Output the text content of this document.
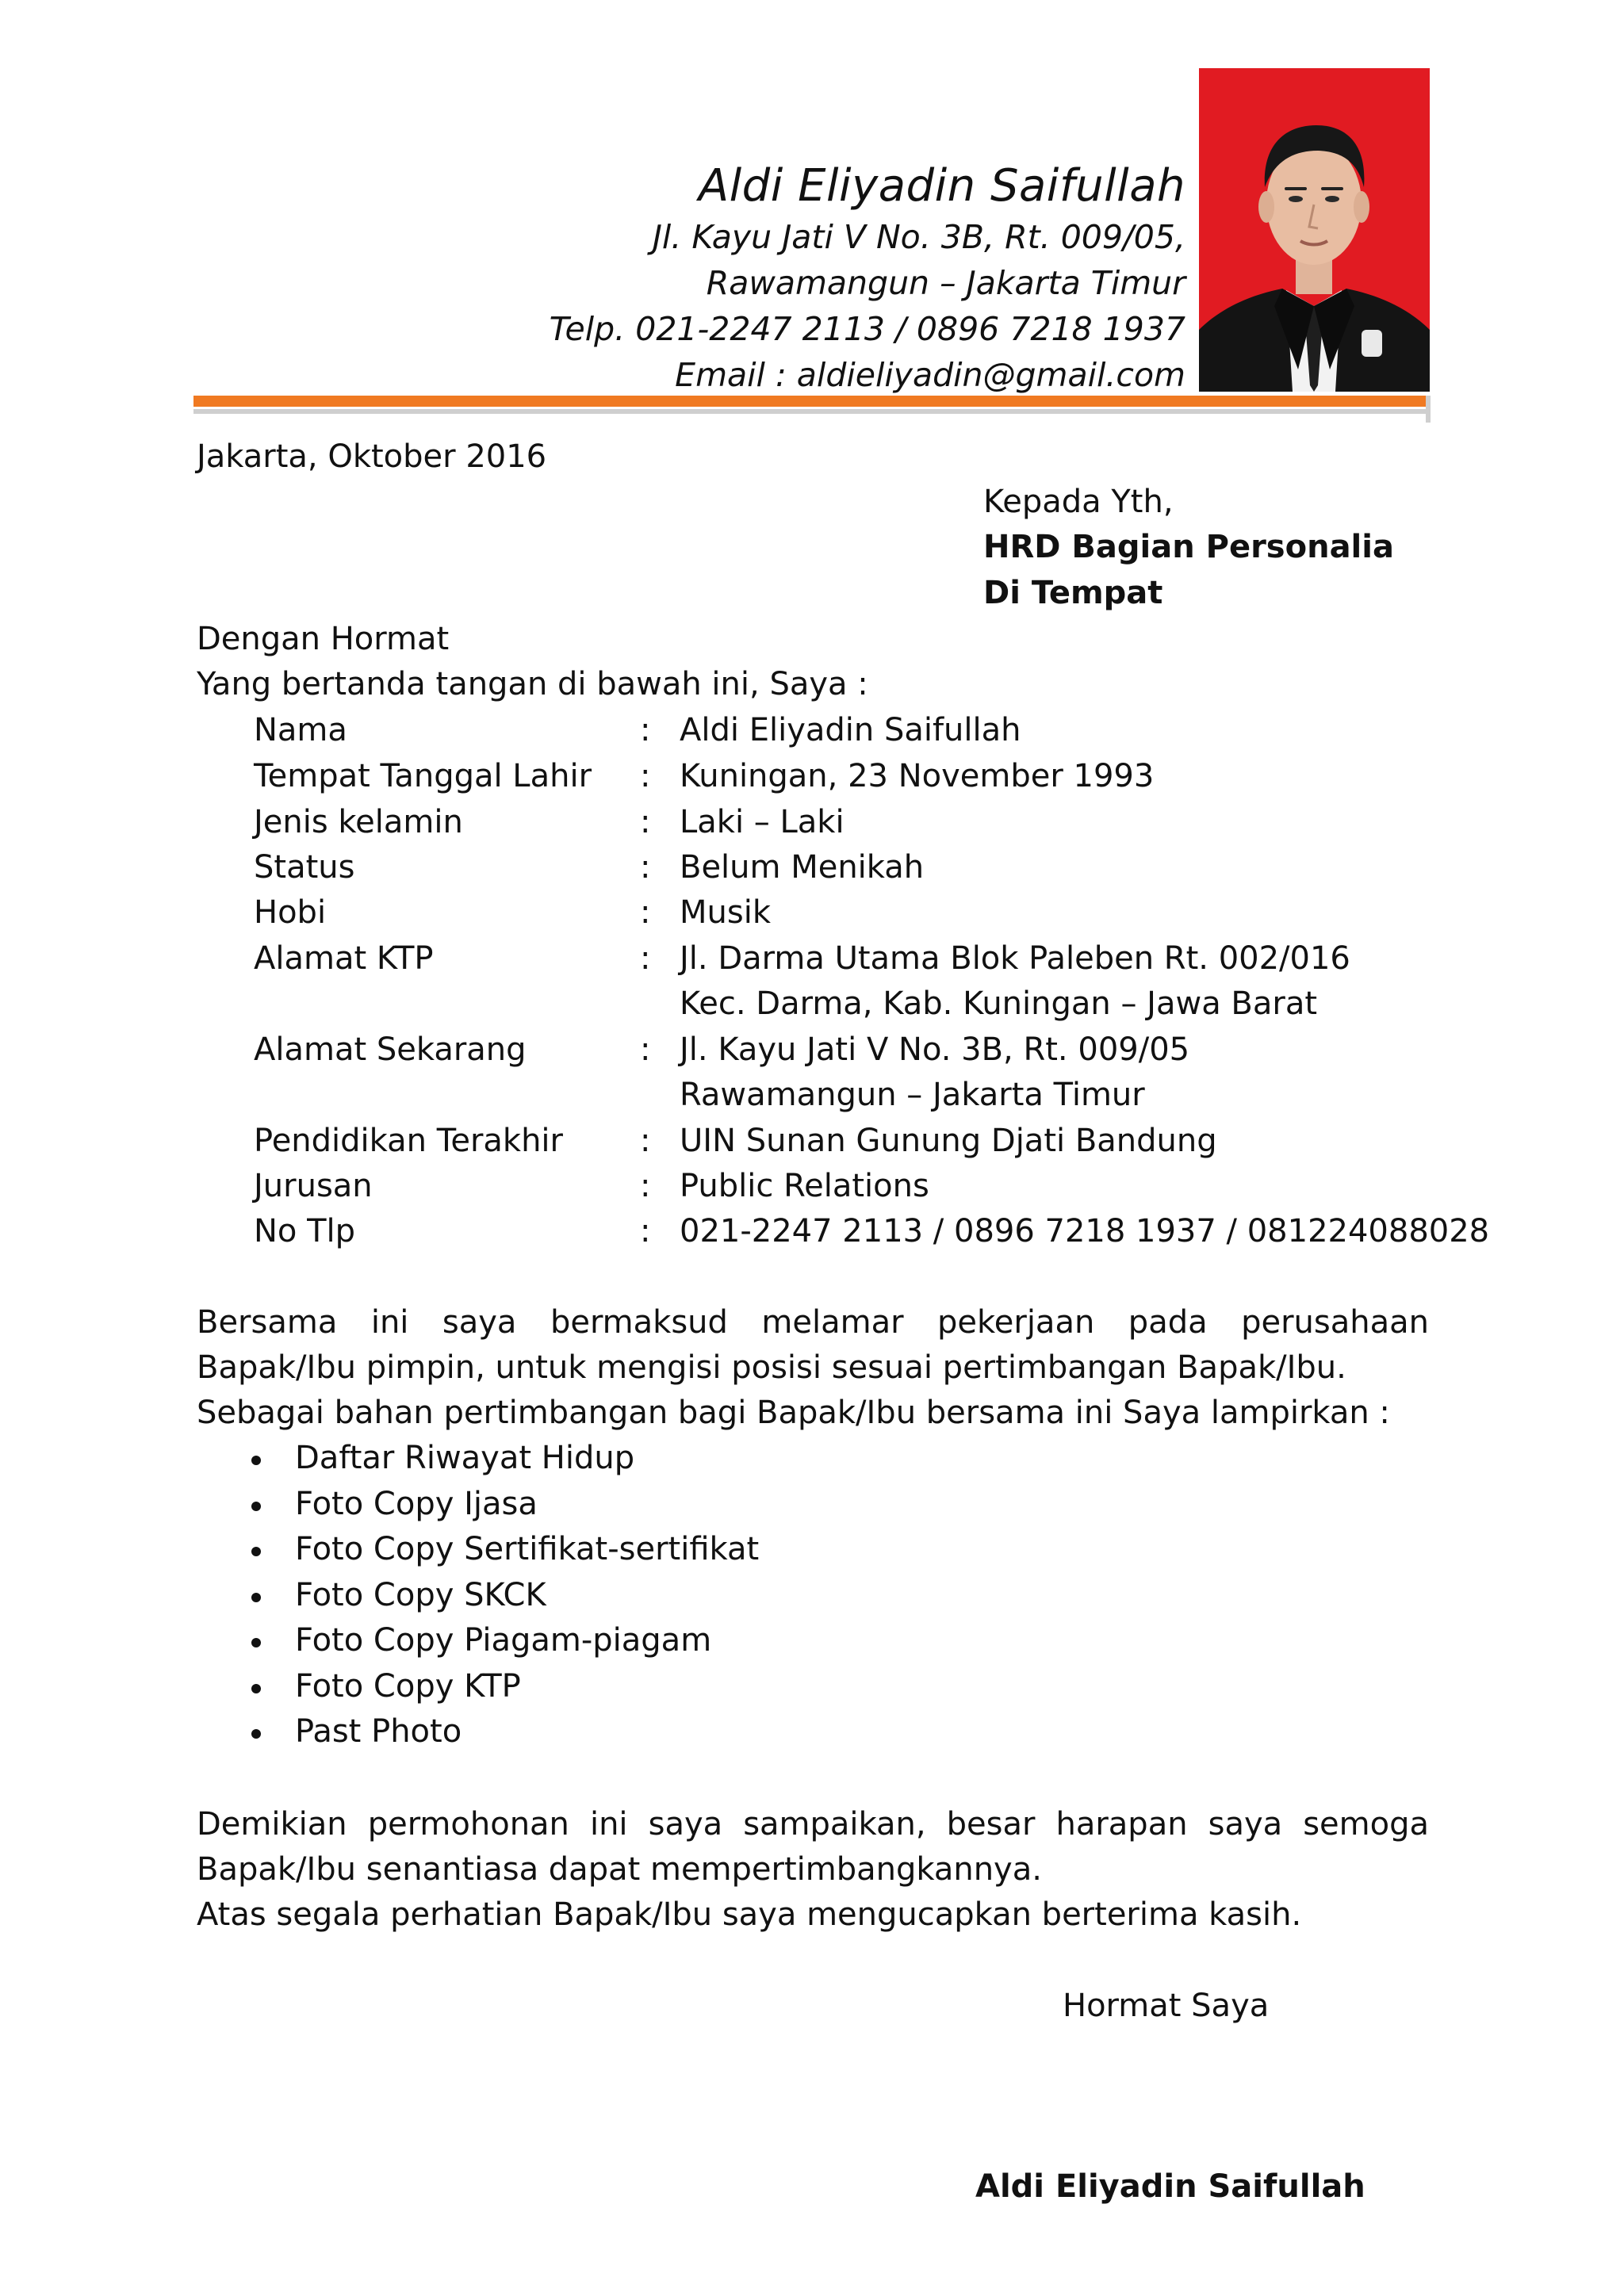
Aldi Eliyadin Saifullah
Jl. Kayu Jati V No. 3B, Rt. 009/05,
Rawamangun – Jakarta Timur
Telp. 021-2247 2113 / 0896 7218 1937
Email : aldieliyadin@gmail.com
Jakarta, Oktober 2016
Kepada Yth,
HRD Bagian Personalia
Di Tempat
Dengan Hormat
Yang bertanda tangan di bawah ini, Saya :
Nama	: Aldi Eliyadin Saifullah
Tempat Tanggal Lahir : Kuningan, 23 November 1993
Jenis kelamin	: Laki – Laki
Status	: Belum Menikah
Hobi	: Musik
Alamat KTP	: Jl. Darma Utama Blok Paleben Rt. 002/016
Kec. Darma, Kab. Kuningan – Jawa Barat
Alamat Sekarang	: Jl. Kayu Jati V No. 3B, Rt. 009/05
Rawamangun – Jakarta Timur
Pendidikan Terakhir : UIN Sunan Gunung Djati Bandung
Jurusan	: Public Relations
No Tlp	: 021-2247 2113 / 0896 7218 1937 / 081224088028
Bersama ini saya bermaksud melamar pekerjaan pada perusahaan Bapak/Ibu pimpin, untuk mengisi posisi sesuai pertimbangan Bapak/Ibu.
Sebagai bahan pertimbangan bagi Bapak/Ibu bersama ini Saya lampirkan :
Daftar Riwayat Hidup
Foto Copy Ijasa
Foto Copy Sertifikat-sertifikat
Foto Copy SKCK
Foto Copy Piagam-piagam
Foto Copy KTP
Past Photo
Demikian permohonan ini saya sampaikan, besar harapan saya semoga Bapak/Ibu senantiasa dapat mempertimbangkannya.
Atas segala perhatian Bapak/Ibu saya mengucapkan berterima kasih.
Hormat Saya
Aldi Eliyadin Saifullah
